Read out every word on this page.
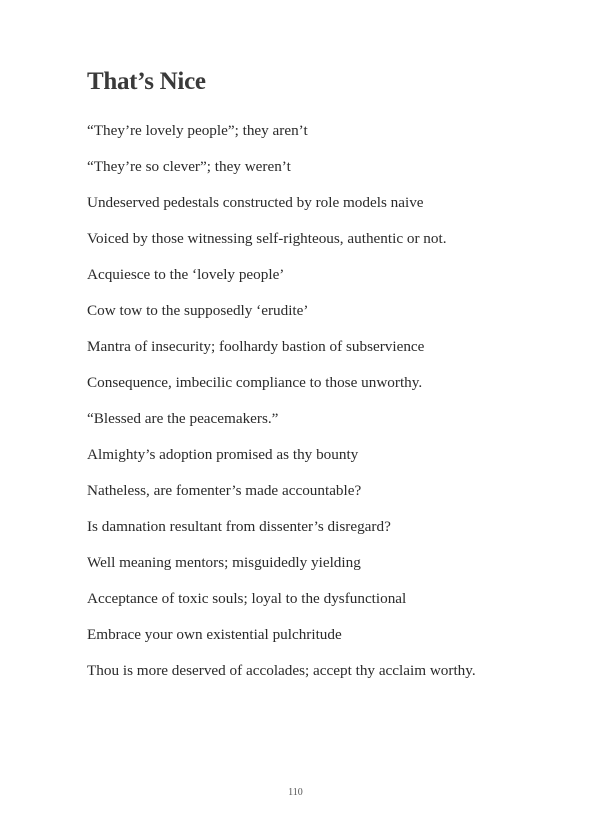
That’s Nice
“They’re lovely people”; they aren’t
“They’re so clever”; they weren’t
Undeserved pedestals constructed by role models naive
Voiced by those witnessing self-righteous, authentic or not.
Acquiesce to the ‘lovely people’
Cow tow to the supposedly ‘erudite’
Mantra of insecurity; foolhardy bastion of subservience
Consequence, imbecilic compliance to those unworthy.
“Blessed are the peacemakers.”
Almighty’s adoption promised as thy bounty
Natheless, are fomenter’s made accountable?
Is damnation resultant from dissenter’s disregard?
Well meaning mentors; misguidedly yielding
Acceptance of toxic souls; loyal to the dysfunctional
Embrace your own existential pulchritude
Thou is more deserved of accolades; accept thy acclaim worthy.
110
